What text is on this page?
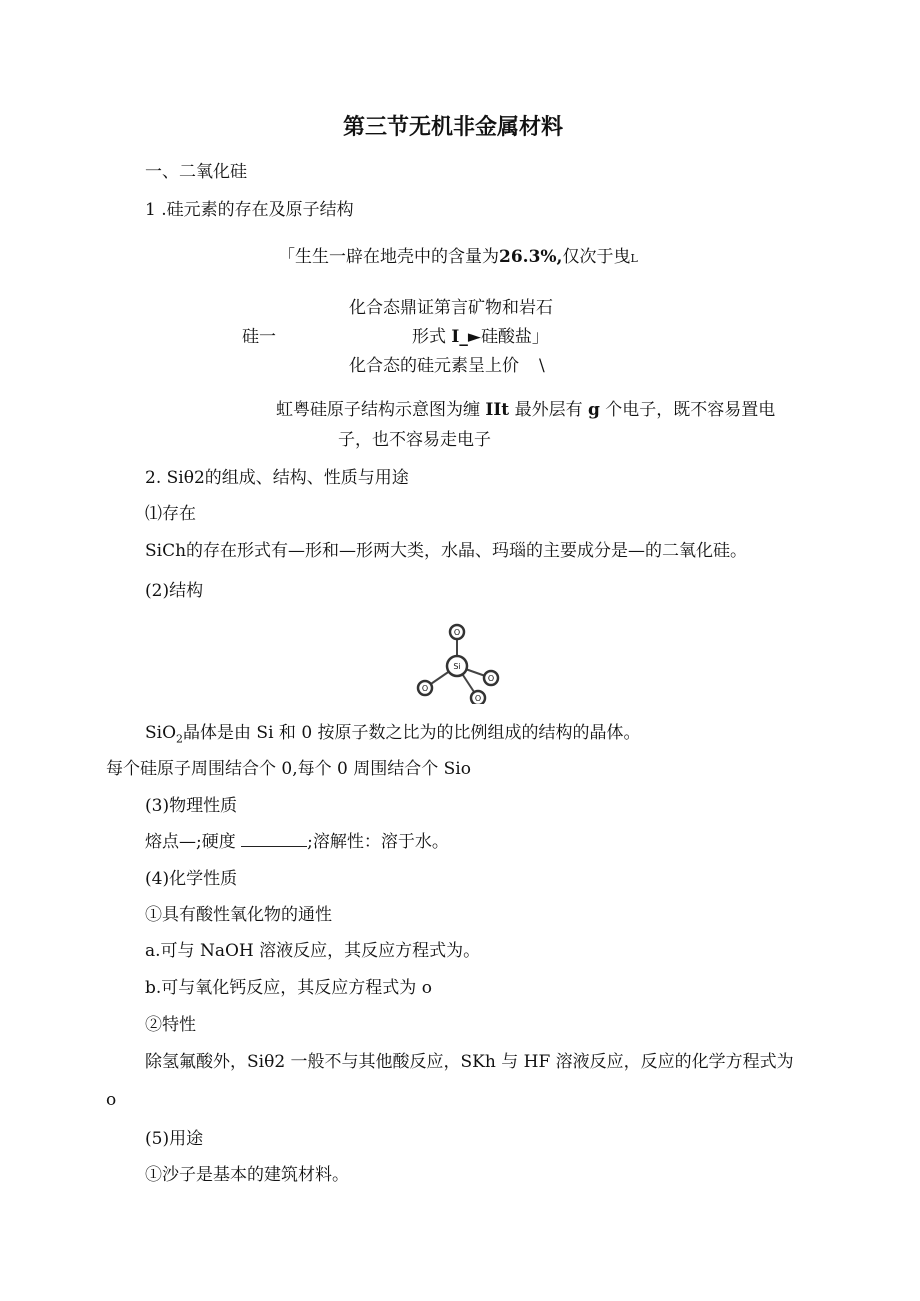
第三节无机非金属材料
一、二氧化硅
1 .硅元素的存在及原子结构
「生生一辟在地壳中的含量为26.3%,仅次于曳L
化合态鼎证第言矿物和岩石
硅一	形式 I_►硅酸盐」
化合态的硅元素呈上价 \
虹粤硅原子结构示意图为缠 IIt 最外层有 g 个电子，既不容易置电
子，也不容易走电子
2. Siθ2的组成、结构、性质与用途
⑴存在
SiCh的存在形式有—形和—形两大类，水晶、玛瑙的主要成分是—的二氧化硅。
(2)结构
O
O
O
O
Si
SiO$_2$晶体是由 Si 和 0 按原子数之比为的比例组成的结构的晶体。
每个硅原子周围结合个 0,每个 0 周围结合个 Sio
(3)物理性质
熔点—;硬度	;溶解性：溶于水。
(4)化学性质
①具有酸性氧化物的通性
a.可与 NaOH 溶液反应，其反应方程式为。
b.可与氧化钙反应，其反应方程式为 o
②特性
除氢氟酸外，Siθ2 一般不与其他酸反应，SKh 与 HF 溶液反应，反应的化学方程式为
o
(5)用途
①沙子是基本的建筑材料。
